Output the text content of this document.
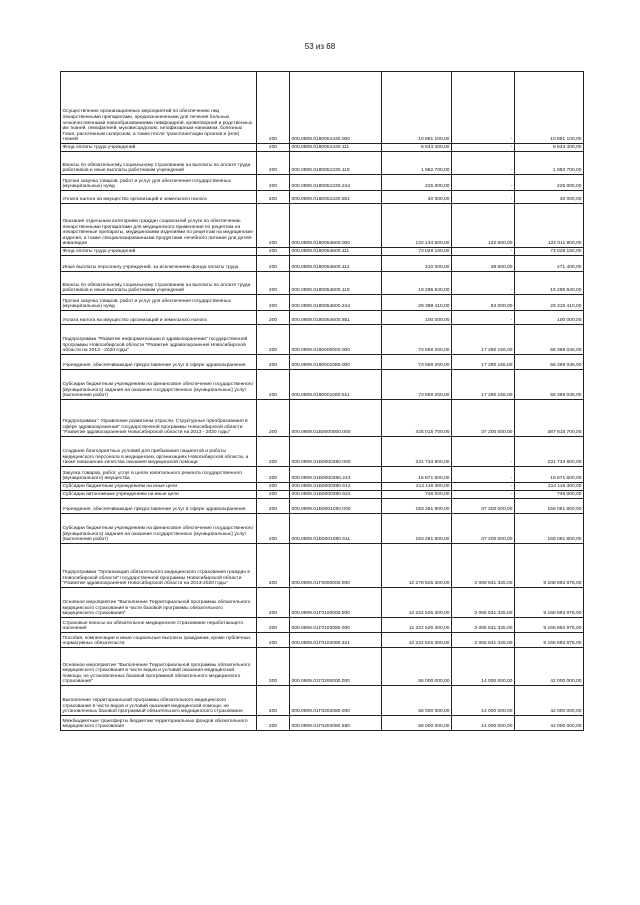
53 из 68
Осуществление организационных мероприятий по обеспечению лиц лекарственными препаратами, предназначенными для лечения больных злокачественными новообразованиями лимфоидной, кроветворной и родственных им тканей, гемофилией, муковисцидозом, гипофизарным нанизмом, болезнью Гоше, рассеянным склерозом, а также после трансплантации органов и (или) тканей	200	000.0909.0180051330.000	10 891 100,00	-	10 891 100,00
Фонд оплаты труда учреждений	200	000.0909.0180051330.111	8 643 400,00	-	8 643 400,00
Взносы по обязательному социальному страхованию на выплаты по оплате труда работников и иные выплаты работникам учреждений	200	000.0909.0180051330.119	1 982 700,00	-	1 982 700,00
Прочая закупка товаров, работ и услуг для обеспечения государственных (муниципальных) нужд	200	000.0909.0180051330.244	225 000,00	-	225 000,00
Уплата налога на имущество организаций и земельного налога	200	000.0909.0180051330.851	40 000,00	-	40 000,00
Оказание отдельным категориям граждан социальной услуги по обеспечению лекарственными препаратами для медицинского применения по рецептам на лекарственные препараты, медицинскими изделиями по рецептам на медицинские изделия, а также специализированными продуктами лечебного питания для детей-инвалидов	200	000.0909.0180054600.000	122 134 500,00	122 600,00	122 011 900,00
Фонд оплаты труда учреждений	200	000.0909.0180054600.111	73 029 150,00	-	73 029 150,00
Иные выплаты персоналу учреждений, за исключением фонда оплаты труда	200	000.0909.0180054600.112	310 000,00	38 600,00	271 400,00
Взносы по обязательному социальному страхованию на выплаты по оплате труда работников и иные выплаты работникам учреждений	200	000.0909.0180054600.119	19 295 940,00	-	19 295 940,00
Прочая закупка товаров, работ и услуг для обеспечения государственных (муниципальных) нужд	200	000.0909.0180054600.244	29 399 410,00	84 000,00	29 315 410,00
Уплата налога на имущество организаций и земельного налога	200	000.0909.0180054600.851	100 000,00	-	100 000,00
Подпрограмма "Развитие информатизации в здравоохранении" государственной программы Новосибирской области "Развитие здравоохранения Новосибирской области на 2013 - 2020 годы"	200	000.0909.0190000000.000	73 659 200,00	17 290 155,00	56 369 045,00
Учреждения, обеспечивающие предоставление услуг в сфере здравоохранения	200	000.0909.0190001080.000	73 659 200,00	17 290 155,00	56 369 045,00
Субсидии бюджетным учреждениям на финансовое обеспечение государственного (муниципального) задания на оказание государственных (муниципальных) услуг (выполнение работ)	200	000.0909.0190001080.611	73 659 200,00	17 290 155,00	56 369 045,00
Подпрограмма " Управление развитием отрасли. Структурные преобразования в сфере здравоохранения" государственной программы Новосибирской области "Развитие здравоохранения Новосибирской области на 2013 - 2020 годы"	200	000.0909.01Б0000000.000	425 015 700,00	37 200 000,00	387 815 700,00
Создание благоприятных условий для пребывания пациентов и работы медицинского персонала в медицинских организациях Новосибирской области, а также повышение качества оказания медицинской помощи	200	000.0909.01Б0000380.000	231 733 900,00	-	231 733 900,00
Закупка товаров, работ, услуг в целях капитального ремонта государственного (муниципального) имущества	200	000.0909.01Б0000380.243	16 871 600,00	-	16 871 600,00
Субсидии бюджетным учреждениям на иные цели	200	000.0909.01Б0000380.612	214 116 300,00	-	214 116 300,00
Субсидии автономным учреждениям на иные цели	200	000.0909.01Б0000380.622	746 000,00	-	746 000,00
Учреждения, обеспечивающие предоставление услуг в сфере здравоохранения	200	000.0909.01Б0001080.000	193 281 800,00	37 200 000,00	156 081 800,00
Субсидии бюджетным учреждениям на финансовое обеспечение государственного (муниципального) задания на оказание государственных (муниципальных) услуг (выполнение работ)	200	000.0909.01Б0001080.611	193 281 800,00	37 200 000,00	156 081 800,00
Подпрограмма "Организация обязательного медицинского страхования граждан в Новосибирской области" государственной программы Новосибирской области "Развитие здравоохранения Новосибирской области на 2013-2020 годы"	200	000.0909.01Г0000000.000	12 278 525 300,00	3 069 631 325,00	9 208 893 975,00
Основное мероприятие "Выполнение Территориальной программы обязательного медицинского страхования в части базовой программы обязательного медицинского страхования"	200	000.0909.01Г0100000.000	12 222 525 300,00	3 055 631 325,00	9 166 893 975,00
Страховые взносы на обязательное медицинское страхование неработающего населения	200	000.0909.01Г0103080.000	12 222 525 300,00	3 055 631 325,00	9 166 893 975,00
Пособия, компенсации и иные социальные выплаты гражданам, кроме публичных нормативных обязательств	200	000.0909.01Г0103080.321	12 222 525 300,00	3 055 631 325,00	9 166 893 975,00
Основное мероприятие "Выполнение Территориальной программы обязательного медицинского страхования в части видов и условий оказания медицинской помощи, не установленных базовой программой обязательного медицинского страхования"	200	000.0909.01Г0200000.000	56 000 000,00	14 000 000,00	42 000 000,00
Выполнение территориальной программы обязательного медицинского страхования в части видов и условий оказания медицинской помощи, не установленных базовой программой обязательного медицинского страхования	200	000.0909.01Г0203080.000	56 000 000,00	14 000 000,00	42 000 000,00
Межбюджетные трансферты бюджетам территориальных фондов обязательного медицинского страхования	200	000.0909.01Г0203080.580	56 000 000,00	14 000 000,00	42 000 000,00
